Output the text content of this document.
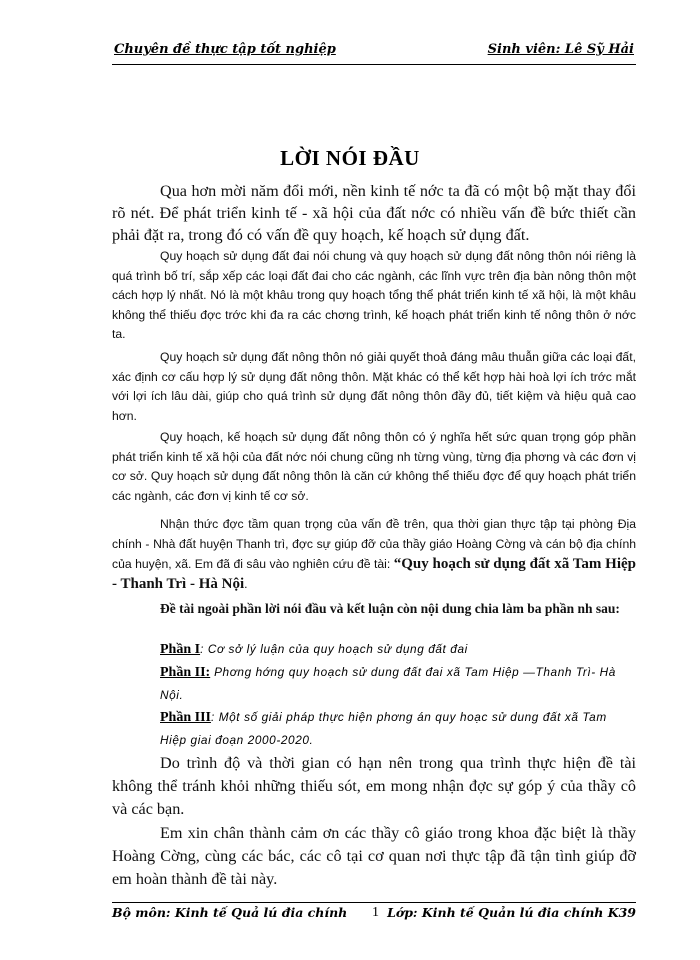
Chuyên đề thực tập tốt nghiệp	Sinh viên: Lê Sỹ Hải
LỜI NÓI ĐẦU
Qua hơn mời năm đổi mới, nền kinh tế nớc ta đã có một bộ mặt thay đổi rõ nét. Để phát triển kinh tế - xã hội của đất nớc có nhiều vấn đề bức thiết cần phải đặt ra, trong đó có vấn đề quy hoạch, kế hoạch sử dụng đất.
Quy hoạch sử dụng đất đai nói chung và quy hoạch sử dụng đất nông thôn nói riêng là quá trình bố trí, sắp xếp các loại đất đai cho các ngành, các lĩnh vực trên địa bàn nông thôn một cách hợp lý nhất. Nó là một khâu trong quy hoạch tổng thể phát triển kinh tế xã hội, là một khâu không thể thiếu đợc trớc khi đa ra các chơng trình, kế hoạch phát triển kinh tế nông thôn ở nớc ta.
Quy hoạch sử dụng đất nông thôn nó giải quyết thoả đáng mâu thuẫn giữa các loại đất, xác định cơ cấu hợp lý sử dụng đất nông thôn. Mặt khác có thể kết hợp hài hoà lợi ích trớc mắt với lợi ích lâu dài, giúp cho quá trình sử dụng đất nông thôn đầy đủ, tiết kiệm và hiệu quả cao hơn.
Quy hoạch, kế hoạch sử dụng đất nông thôn có ý nghĩa hết sức quan trọng góp phần phát triển kinh tế xã hội của đất nớc nói chung cũng nh từng vùng, từng địa phơng và các đơn vị cơ sở. Quy hoạch sử dụng đất nông thôn là căn cứ không thể thiếu đợc để quy hoạch phát triển các ngành, các đơn vị kinh tế cơ sở.
Nhận thức đợc tầm quan trọng của vấn đề trên, qua thời gian thực tập tại phòng Địa chính - Nhà đất huyện Thanh trì, đợc sự giúp đỡ của thầy giáo Hoàng Cờng và cán bộ địa chính của huyện, xã. Em đã đi sâu vào nghiên cứu đề tài: “Quy hoạch sử dụng đất xã Tam Hiệp - Thanh Trì - Hà Nội.
Đề tài ngoài phần lời nói đầu và kết luận còn nội dung chia làm ba phần nh sau:
Phần I: Cơ sở lý luận của quy hoạch sử dụng đất đai
Phần II: Phơng hớng quy hoạch sử dung đất đai xã Tam Hiệp —Thanh Trì- Hà Nội.
Phần III: Một số giải pháp thực hiện phơng án quy hoạc sử dung đất xã Tam Hiệp giai đoạn 2000-2020.
Do trình độ và thời gian có hạn nên trong qua trình thực hiện đề tài không thể tránh khỏi những thiếu sót, em mong nhận đợc sự góp ý của thầy cô và các bạn.
Em xin chân thành cảm ơn các thầy cô giáo trong khoa đặc biệt là thầy Hoàng Cờng, cùng các bác, các cô tại cơ quan nơi thực tập đã tận tình giúp đỡ em hoàn thành đề tài này.
Bộ môn: Kinh tế Quả lú đia chính 1 Lớp: Kinh tế Quản lú đia chính K39
